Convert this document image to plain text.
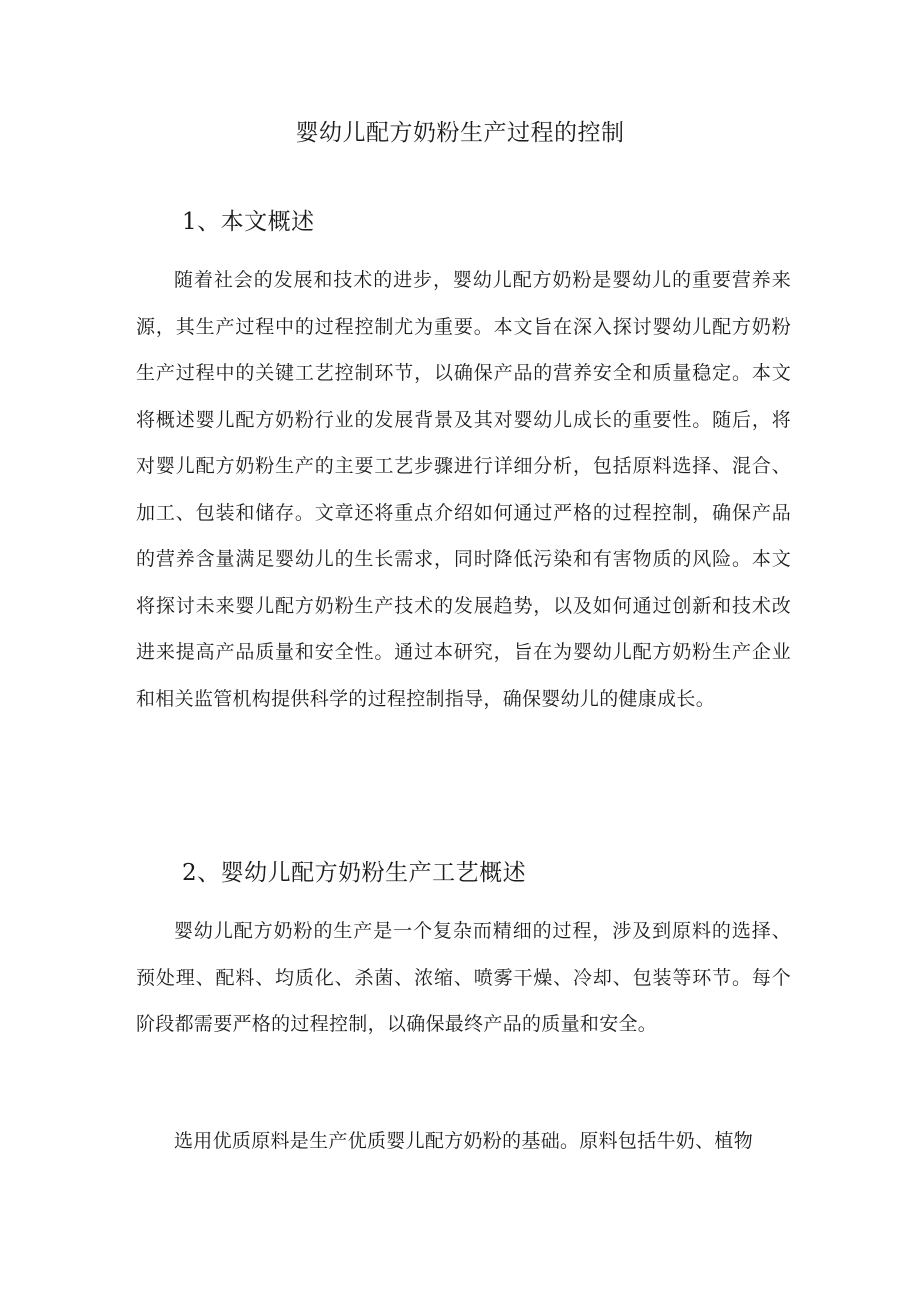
婴幼儿配方奶粉生产过程的控制
1、本文概述

随着社会的发展和技术的进步，婴幼儿配方奶粉是婴幼儿的重要营养来源，其生产过程中的过程控制尤为重要。本文旨在深入探讨婴幼儿配方奶粉生产过程中的关键工艺控制环节，以确保产品的营养安全和质量稳定。本文将概述婴儿配方奶粉行业的发展背景及其对婴幼儿成长的重要性。随后，将对婴儿配方奶粉生产的主要工艺步骤进行详细分析，包括原料选择、混合、加工、包装和储存。文章还将重点介绍如何通过严格的过程控制，确保产品的营养含量满足婴幼儿的生长需求，同时降低污染和有害物质的风险。本文将探讨未来婴儿配方奶粉生产技术的发展趋势，以及如何通过创新和技术改进来提高产品质量和安全性。通过本研究，旨在为婴幼儿配方奶粉生产企业和相关监管机构提供科学的过程控制指导，确保婴幼儿的健康成长。

2、婴幼儿配方奶粉生产工艺概述

婴幼儿配方奶粉的生产是一个复杂而精细的过程，涉及到原料的选择、预处理、配料、均质化、杀菌、浓缩、喷雾干燥、冷却、包装等环节。每个阶段都需要严格的过程控制，以确保最终产品的质量和安全。

选用优质原料是生产优质婴儿配方奶粉的基础。原料包括牛奶、植物
